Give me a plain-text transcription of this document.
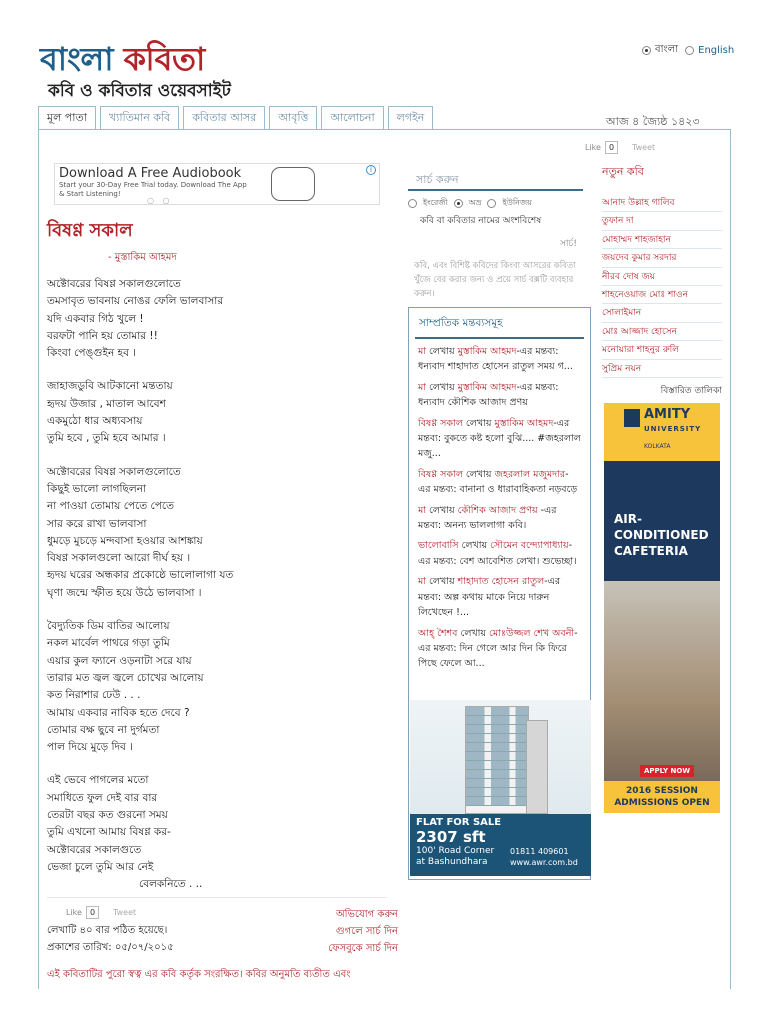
বাংলা কবিতা
কবি ও কবিতার ওয়েবসাইট
বাংলা English
মূল পাতা	খ্যাতিমান কবি	কবিতার আসর	আবৃত্তি	আলোচনা	লগইন	আজ ৪ জ্যৈষ্ঠ ১৪২৩
Like	0	Tweet
Download A Free Audiobook
Start your 30-Day Free Trial today. Download The App & Start Listening!
i
○ ○
বিষণ্ণ সকাল
- মুস্তাকিম আহমদ
অক্টোবরের বিষণ্ণ সকালগুলোতে
তমসাবৃত ভাবনায় নোঙর ফেলি ভালবাসার
যদি একবার গিঠ খুলে !
বরফটা পানি হয় তোমার !!
কিংবা পেঙ্গুইন হব ।
জাহাজডুবি আটকানো মন্ততায়
হৃদয় উজার , মাতাল আবেশ
একমুঠো ধার অধ্যবসায়
তুমি হবে , তুমি হবে আমার ।
অক্টোবরের বিষণ্ণ সকালগুলোতে
কিছুই ভালো লাগছিলনা
না পাওয়া তোমায় পেতে পেতে
সার করে রাখা ভালবাসা
ধুমড়ে মুচড়ে মন্দবাসা হওয়ার আশঙ্কায়
বিষণ্ণ সকালগুলো আরো দীর্ঘ হয় ।
হৃদয় ঘরের অন্ধকার প্রকোষ্ঠে ভালোলাগা যত
ঘৃণা জন্মে স্ফীত হয়ে উঠে ভালবাসা ।
বৈদ্যুতিক ডিম বাতির আলোয়
নকল মার্বেল পাথরে গড়া তুমি
এয়ার কুল ফ্যানে ওড়নাটা সরে যায়
তারার মত জ্বল জ্বলে চোখের আলোয়
কত নিরাশার ঢেউ . . .
আমায় একবার নাবিক হতে দেবে ?
তোমার বক্ষ ছুবে না দুর্গমতা
পাল দিয়ে মুড়ে দিব ।
এই ভেবে পাগলের মতো
সমাধিতে ফুল দেই বার বার
তেরটা বছর কত গুরনো সময়
তুমি এখনো আমায় বিষণ্ণ কর-
অক্টোবরের সকালগুতে
ভেজা চুলে তুমি আর নেই
বেলকনিতে . ..
Like	0	Tweet
লেখাটি ৪০ বার পঠিত হয়েছে।
প্রকাশের তারিখ: ০৫/০৭/২০১৫
অভিযোগ করুন
গুগলে সার্চ দিন
ফেসবুকে সার্চ দিন
এই কবিতাটির পুরো স্বত্ব এর কবি কর্তৃক সংরক্ষিত। কবির অনুমতি ব্যতীত এবং
সার্চ করুন
ইংরেজী	অভ্র	ইউনিজয়
কবি বা কবিতার নামের অংশবিশেষ
সার্চ!
কবি, এবং বিশিষ্ট কবিদের কিংবা আসরের কবিতা খুঁজে বের করার জন্য ও প্রয়ে সার্চ বক্সটি ব্যবহার করুন।
সাম্প্রতিক মন্তব্যসমূহ
মা লেখায় মুস্তাকিম আহমদ-এর মন্তব্য: ধন্যবাদ শাহাদাত হোসেন রাতুল সময় গ...
মা লেখায় মুস্তাকিম আহমদ-এর মন্তব্য: ধন্যবাদ কৌশিক আজাদ প্রণয়
বিষণ্ণ সকাল লেখায় মুস্তাকিম আহমদ-এর মন্তব্য: বুকতে কষ্ট হলো বুঝি.... #জহরলাল মজু...
বিষণ্ণ সকাল লেখায় জহরলাল মজুমদার-এর মন্তব্য: বানানা ও ধারাবাহিকতা নড়বড়ে
মা লেখায় কৌশিক আজাদ প্রণয় -এর মন্তব্য: অনন্য ভাললাগা কবি।
ভালোবাসি লেখায় সৌমেন বন্দ্যোপাধ্যায়-এর মন্তব্য: বেশ আবেশিত লেখা। শুভেচ্ছা।
মা লেখায় শাহাদাত হোসেন রাতুল-এর মন্তব্য: অল্প কথায় মাকে নিয়ে দারুন লিখেছেন !...
আহ্ শৈশব লেখায় মোঃউজ্জল শেখ অবনী-এর মন্তব্য: দিন গেলে আর দিন কি ফিরে পিছে ফেলে আ...
FLAT FOR SALE
2307 sft
100' Road Corner
at Bashundhara
01811 409601
www.awr.com.bd
নতুন কবি
আনাদ উল্লাহ গালিব
তুফান দা
মোহাম্মদ শাহজাহান
জয়দেব কুমার সরদার
নীরব দোষ জয়
শাহনেওয়াজ মোঃ শাওন
সোলাইমান
মোঃ আজ্জাদ হোসেন
মনোয়ারা শাহনুর রুলি
সুপ্রিম নয়ন
বিস্তারিত তালিকা
AMITY
UNIVERSITY
KOLKATA
AIR-CONDITIONED CAFETERIA
APPLY NOW
2016 SESSION
ADMISSIONS OPEN
